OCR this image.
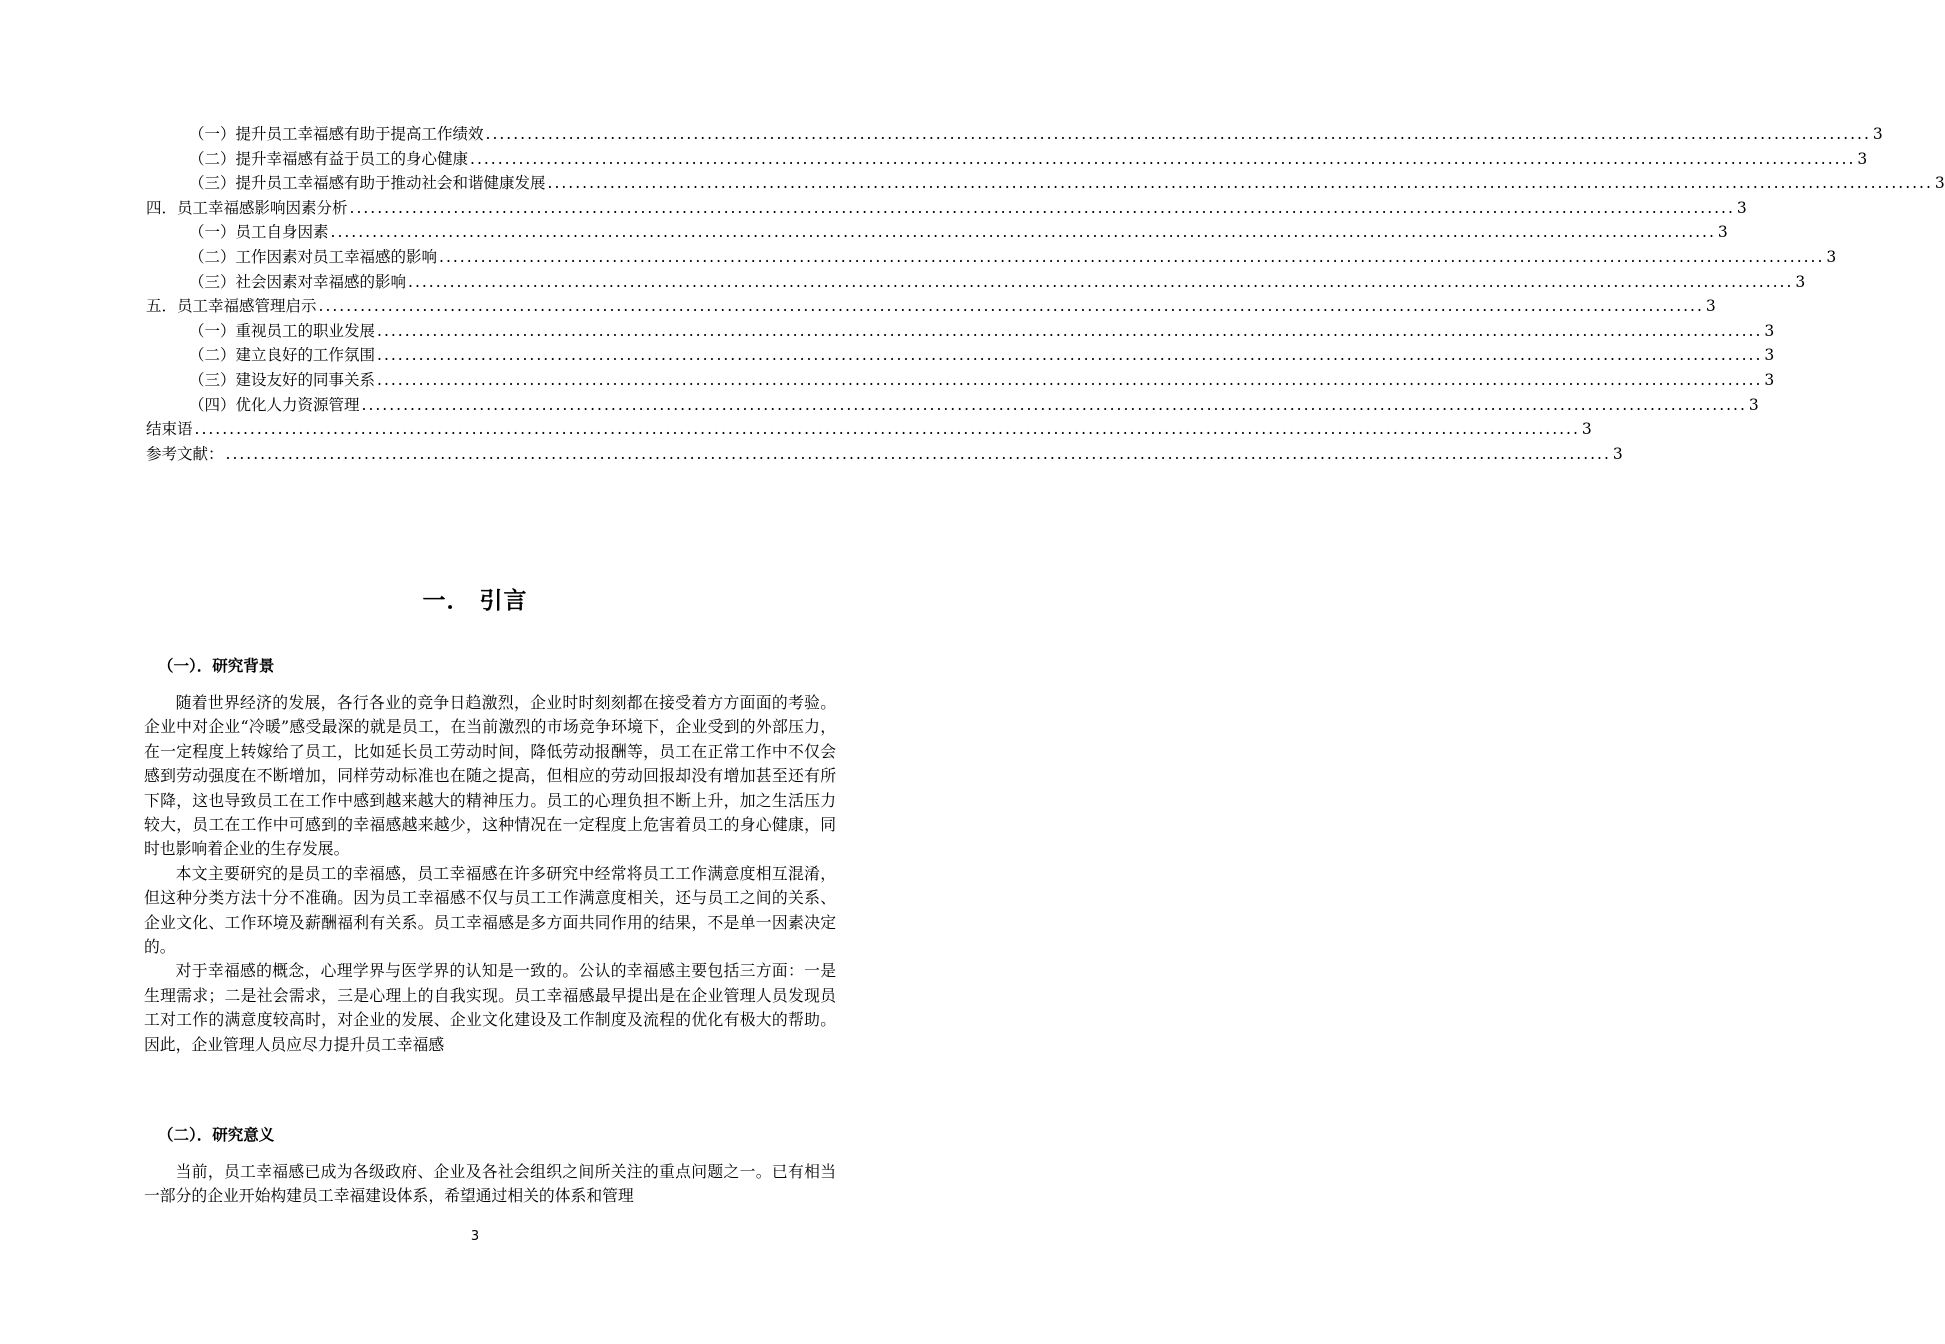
（一）提升员工幸福感有助于提高工作绩效 ........................................................................................................................................................................................................ 3
（二）提升幸福感有益于员工的身心健康 ........................................................................................................................................................................................................ 3
（三）提升员工幸福感有助于推动社会和谐健康发展 ........................................................................................................................................................................................................ 3
四．员工幸福感影响因素分析 ........................................................................................................................................................................................................ 3
（一）员工自身因素 ........................................................................................................................................................................................................ 3
（二）工作因素对员工幸福感的影响 ........................................................................................................................................................................................................ 3
（三）社会因素对幸福感的影响 ........................................................................................................................................................................................................ 3
五．员工幸福感管理启示 ........................................................................................................................................................................................................ 3
（一）重视员工的职业发展 ........................................................................................................................................................................................................ 3
（二）建立良好的工作氛围 ........................................................................................................................................................................................................ 3
（三）建设友好的同事关系 ........................................................................................................................................................................................................ 3
（四）优化人力资源管理 ........................................................................................................................................................................................................ 3
结束语 ........................................................................................................................................................................................................ 3
参考文献： ........................................................................................................................................................................................................ 3
一． 引言
（一）．研究背景

随着世界经济的发展，各行各业的竞争日趋激烈，企业时时刻刻都在接受着方方面面的考验。企业中对企业“冷暖”感受最深的就是员工，在当前激烈的市场竞争环境下，企业受到的外部压力，在一定程度上转嫁给了员工，比如延长员工劳动时间，降低劳动报酬等，员工在正常工作中不仅会感到劳动强度在不断增加，同样劳动标准也在随之提高，但相应的劳动回报却没有增加甚至还有所下降，这也导致员工在工作中感到越来越大的精神压力。员工的心理负担不断上升，加之生活压力较大，员工在工作中可感到的幸福感越来越少，这种情况在一定程度上危害着员工的身心健康，同时也影响着企业的生存发展。

本文主要研究的是员工的幸福感，员工幸福感在许多研究中经常将员工工作满意度相互混淆，但这种分类方法十分不准确。因为员工幸福感不仅与员工工作满意度相关，还与员工之间的关系、企业文化、工作环境及薪酬福利有关系。员工幸福感是多方面共同作用的结果，不是单一因素决定的。

对于幸福感的概念，心理学界与医学界的认知是一致的。公认的幸福感主要包括三方面：一是生理需求；二是社会需求，三是心理上的自我实现。员工幸福感最早提出是在企业管理人员发现员工对工作的满意度较高时，对企业的发展、企业文化建设及工作制度及流程的优化有极大的帮助。因此，企业管理人员应尽力提升员工幸福感

（二）．研究意义

当前，员工幸福感已成为各级政府、企业及各社会组织之间所关注的重点问题之一。已有相当一部分的企业开始构建员工幸福建设体系，希望通过相关的体系和管理

3
